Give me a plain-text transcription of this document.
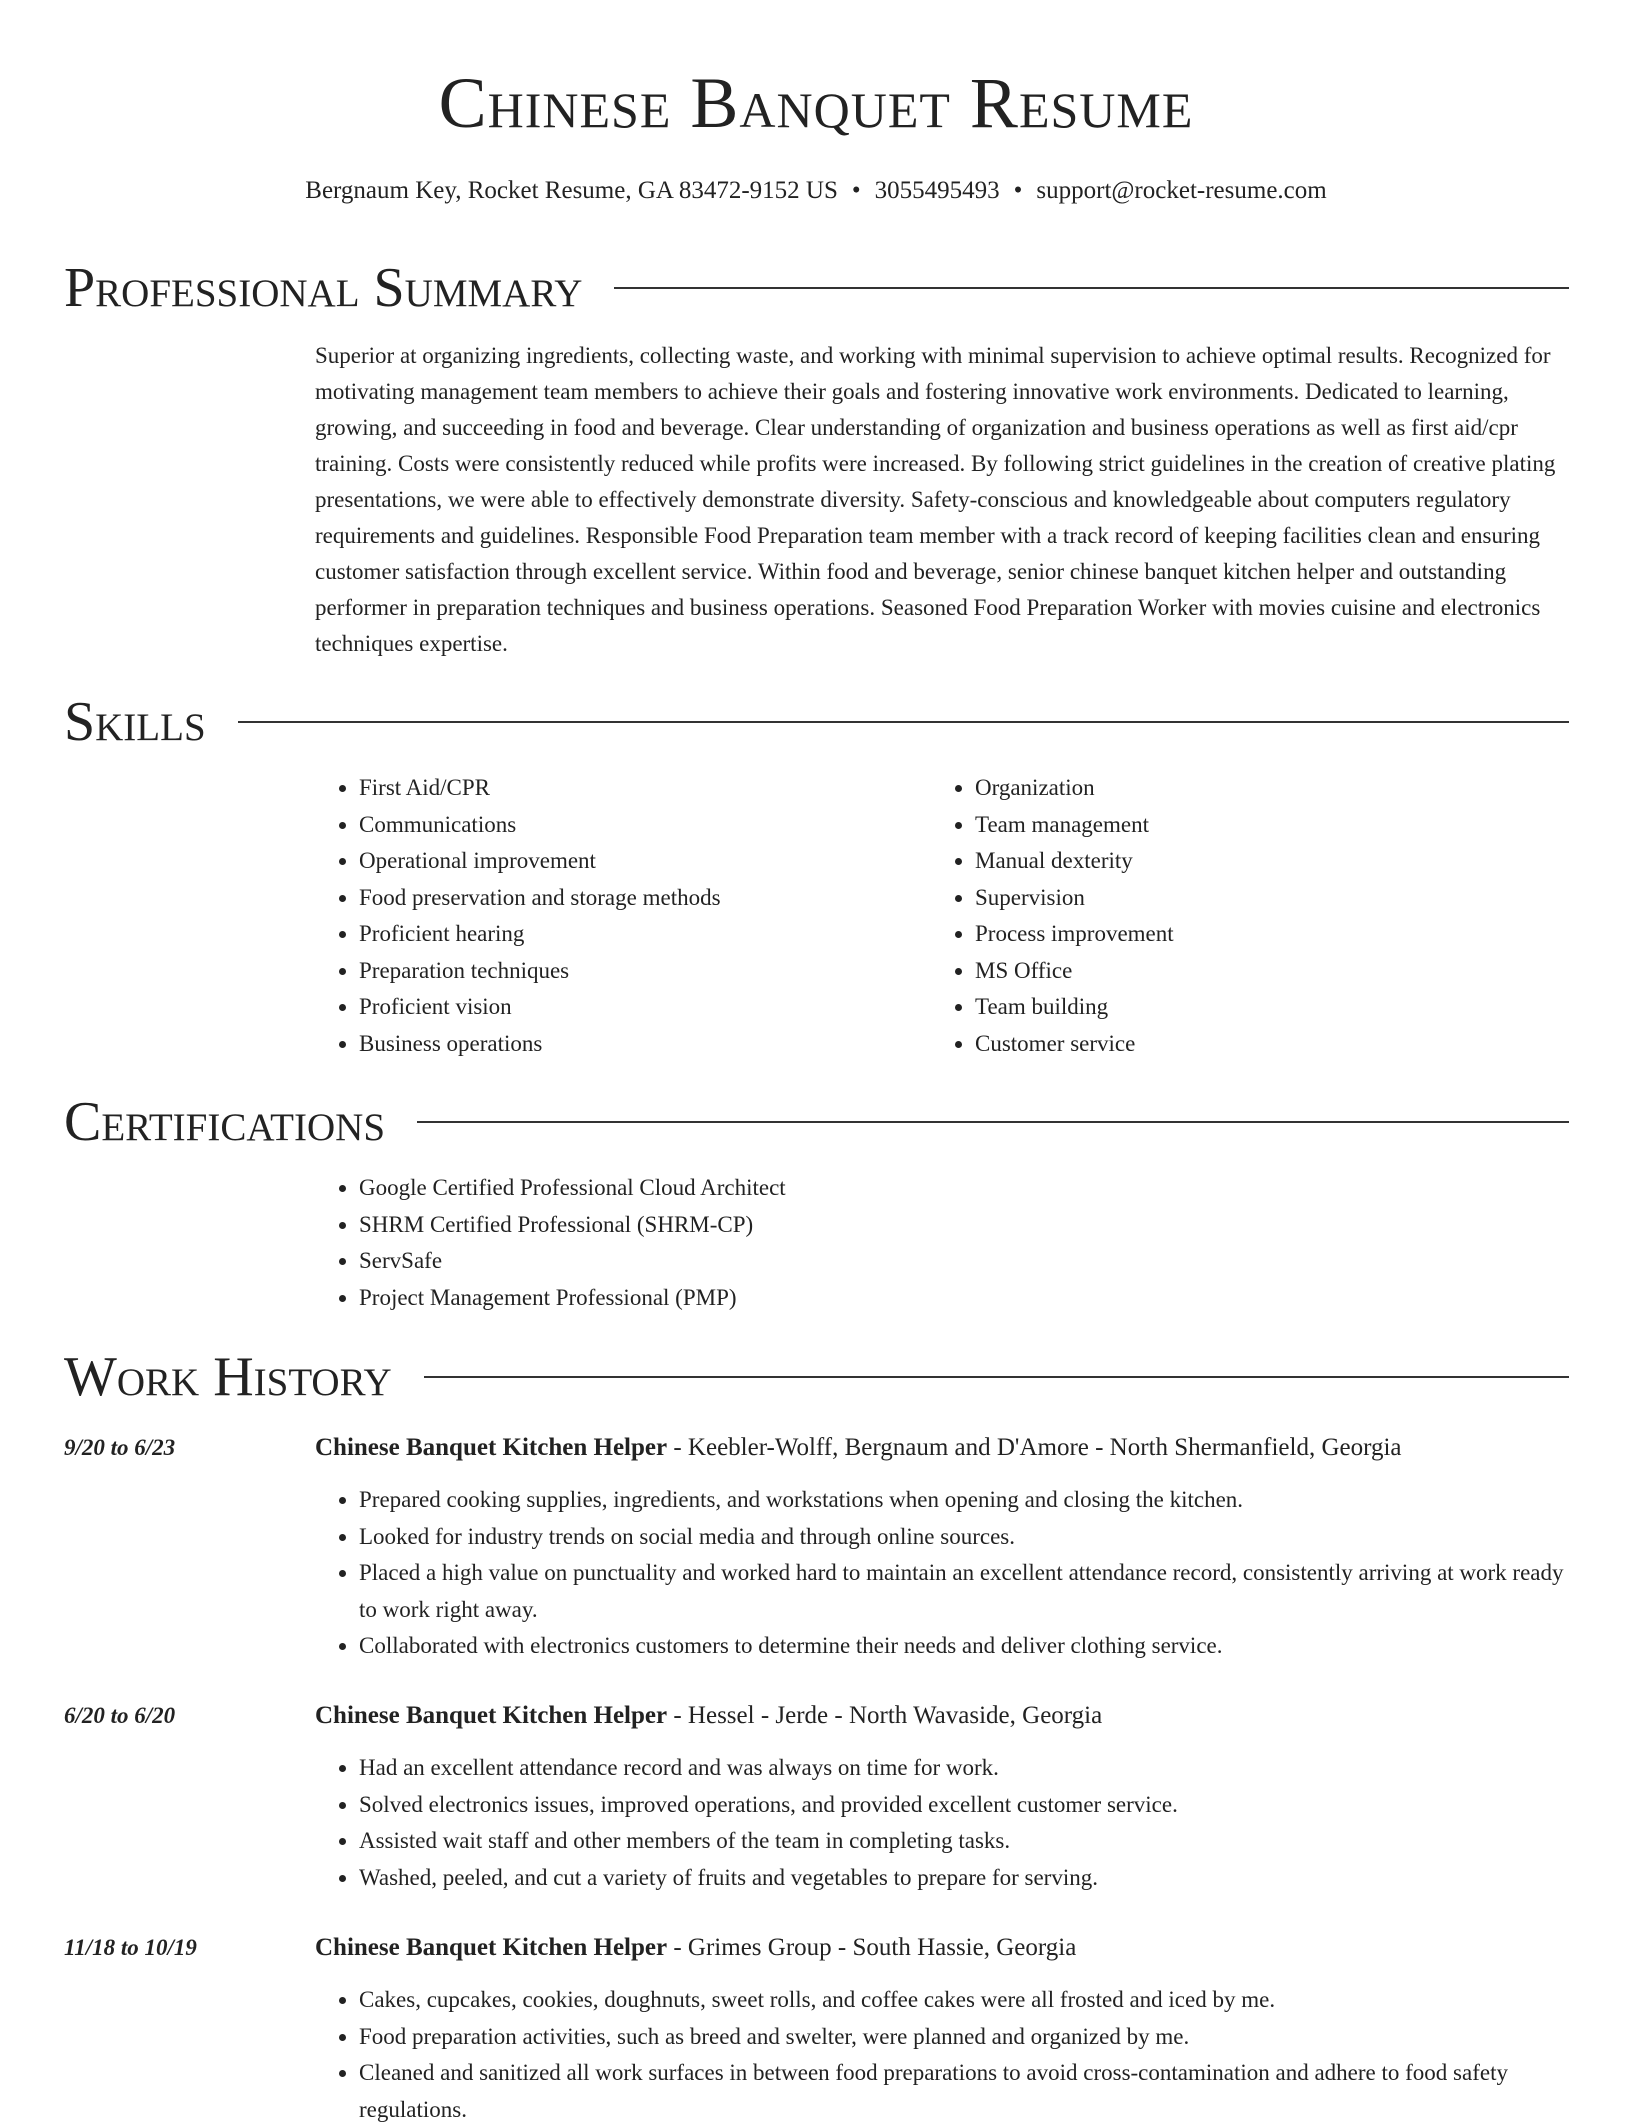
Chinese Banquet Resume
Bergnaum Key, Rocket Resume, GA 83472-9152 US • 3055495493 • support@rocket-resume.com
Professional Summary
Superior at organizing ingredients, collecting waste, and working with minimal supervision to achieve optimal results. Recognized for motivating management team members to achieve their goals and fostering innovative work environments. Dedicated to learning, growing, and succeeding in food and beverage. Clear understanding of organization and business operations as well as first aid/cpr training. Costs were consistently reduced while profits were increased. By following strict guidelines in the creation of creative plating presentations, we were able to effectively demonstrate diversity. Safety-conscious and knowledgeable about computers regulatory requirements and guidelines. Responsible Food Preparation team member with a track record of keeping facilities clean and ensuring customer satisfaction through excellent service. Within food and beverage, senior chinese banquet kitchen helper and outstanding performer in preparation techniques and business operations. Seasoned Food Preparation Worker with movies cuisine and electronics techniques expertise.
Skills
• First Aid/CPR
• Communications
• Operational improvement
• Food preservation and storage methods
• Proficient hearing
• Preparation techniques
• Proficient vision
• Business operations
• Organization
• Team management
• Manual dexterity
• Supervision
• Process improvement
• MS Office
• Team building
• Customer service
Certifications
• Google Certified Professional Cloud Architect
• SHRM Certified Professional (SHRM-CP)
• ServSafe
• Project Management Professional (PMP)
Work History
9/20 to 6/23	Chinese Banquet Kitchen Helper - Keebler-Wolff, Bergnaum and D'Amore - North Shermanfield, Georgia
• Prepared cooking supplies, ingredients, and workstations when opening and closing the kitchen.
• Looked for industry trends on social media and through online sources.
• Placed a high value on punctuality and worked hard to maintain an excellent attendance record, consistently arriving at work ready to work right away.
• Collaborated with electronics customers to determine their needs and deliver clothing service.
6/20 to 6/20	Chinese Banquet Kitchen Helper - Hessel - Jerde - North Wavaside, Georgia
• Had an excellent attendance record and was always on time for work.
• Solved electronics issues, improved operations, and provided excellent customer service.
• Assisted wait staff and other members of the team in completing tasks.
• Washed, peeled, and cut a variety of fruits and vegetables to prepare for serving.
11/18 to 10/19	Chinese Banquet Kitchen Helper - Grimes Group - South Hassie, Georgia
• Cakes, cupcakes, cookies, doughnuts, sweet rolls, and coffee cakes were all frosted and iced by me.
• Food preparation activities, such as breed and swelter, were planned and organized by me.
• Cleaned and sanitized all work surfaces in between food preparations to avoid cross-contamination and adhere to food safety regulations.
